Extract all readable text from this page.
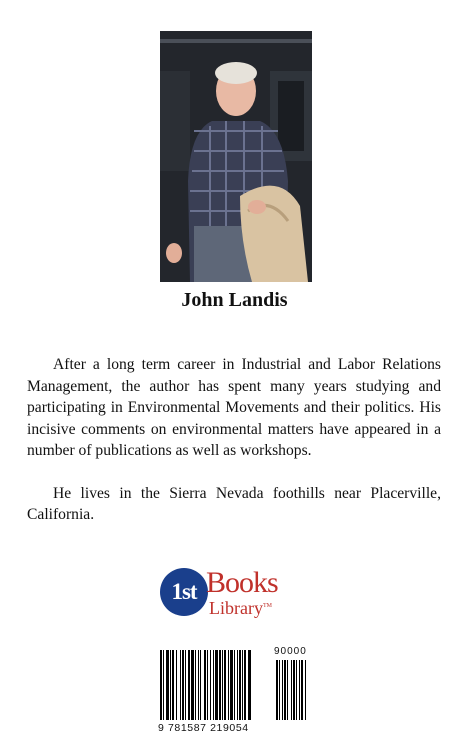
John Landis

After a long term career in Industrial and Labor Relations Management, the author has spent many years studying and participating in Environmental Movements and their politics. His incisive comments on environmental matters have appeared in a number of publications as well as workshops.

He lives in the Sierra Nevada foothills near Placerville, California.

1st Books
Library™
90000
9 781587 219054
